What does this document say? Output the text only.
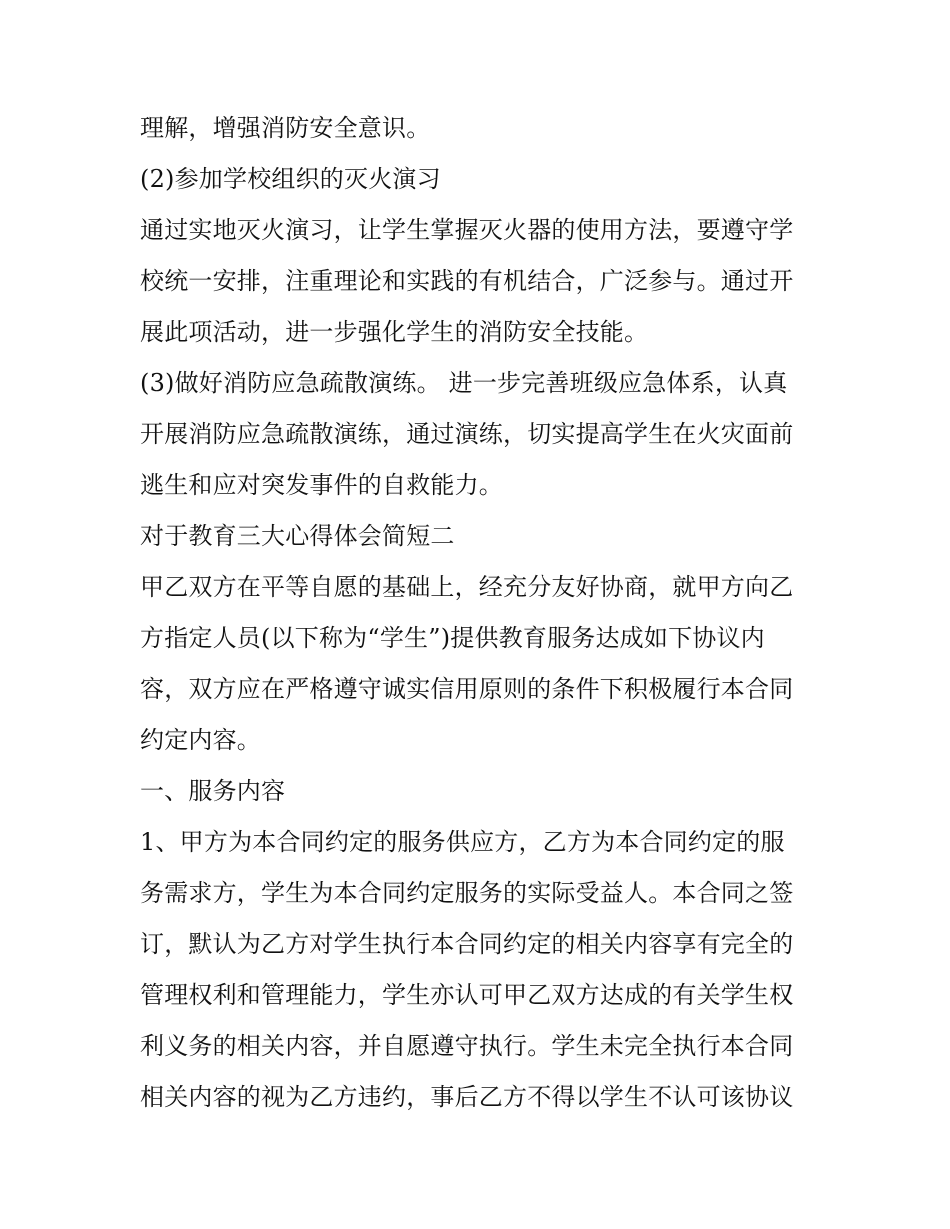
理解，增强消防安全意识。
(2)参加学校组织的灭火演习
通过实地灭火演习，让学生掌握灭火器的使用方法，要遵守学
校统一安排，注重理论和实践的有机结合，广泛参与。通过开
展此项活动，进一步强化学生的消防安全技能。
(3)做好消防应急疏散演练。 进一步完善班级应急体系，认真
开展消防应急疏散演练，通过演练，切实提高学生在火灾面前
逃生和应对突发事件的自救能力。
对于教育三大心得体会简短二
甲乙双方在平等自愿的基础上，经充分友好协商，就甲方向乙
方指定人员(以下称为“学生”)提供教育服务达成如下协议内
容，双方应在严格遵守诚实信用原则的条件下积极履行本合同
约定内容。
一、服务内容
1、甲方为本合同约定的服务供应方，乙方为本合同约定的服
务需求方，学生为本合同约定服务的实际受益人。本合同之签
订，默认为乙方对学生执行本合同约定的相关内容享有完全的
管理权利和管理能力，学生亦认可甲乙双方达成的有关学生权
利义务的相关内容，并自愿遵守执行。学生未完全执行本合同
相关内容的视为乙方违约，事后乙方不得以学生不认可该协议
